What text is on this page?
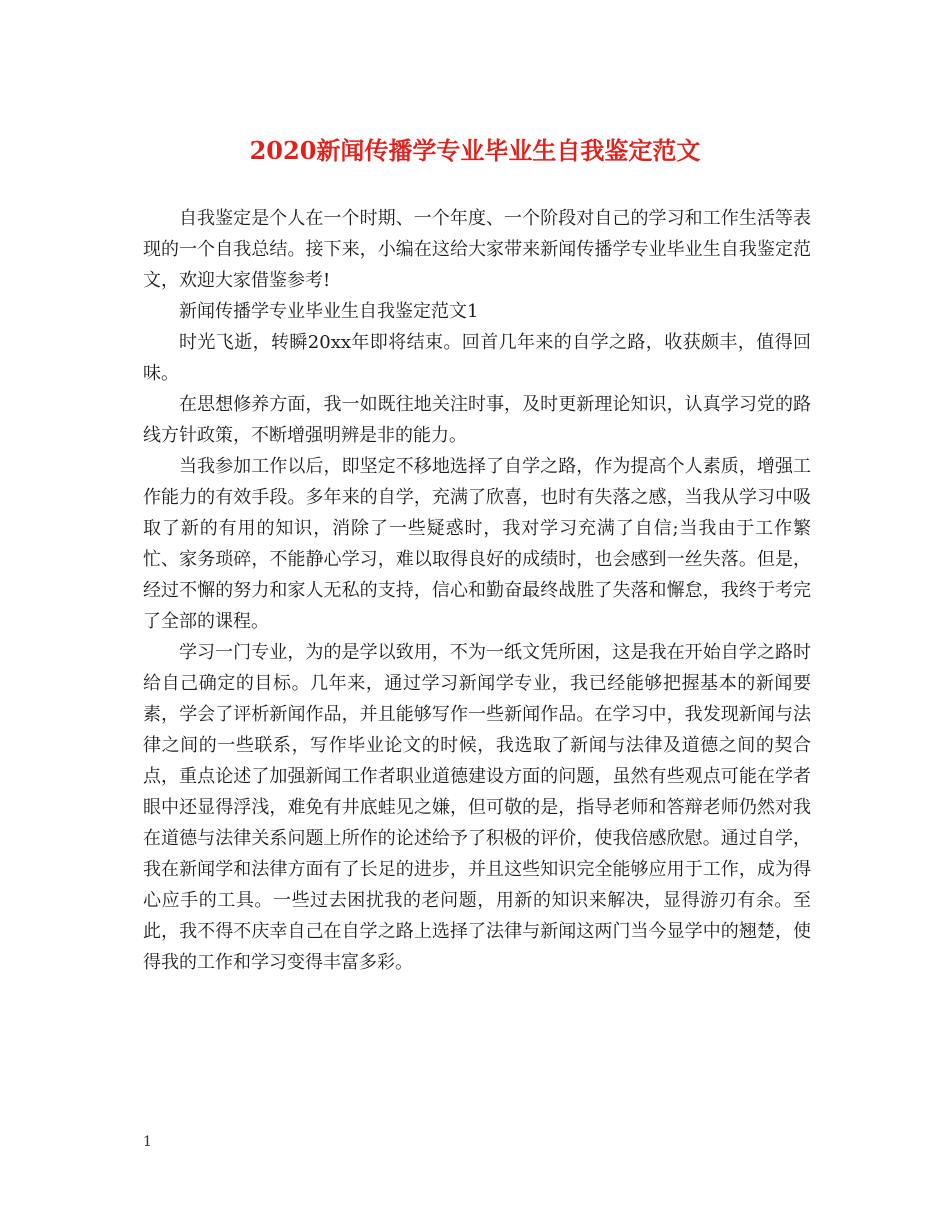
2020新闻传播学专业毕业生自我鉴定范文

自我鉴定是个人在一个时期、一个年度、一个阶段对自己的学习和工作生活等表现的一个自我总结。接下来，小编在这给大家带来新闻传播学专业毕业生自我鉴定范文，欢迎大家借鉴参考!

新闻传播学专业毕业生自我鉴定范文1

时光飞逝，转瞬20xx年即将结束。回首几年来的自学之路，收获颇丰，值得回味。

在思想修养方面，我一如既往地关注时事，及时更新理论知识，认真学习党的路线方针政策，不断增强明辨是非的能力。

当我参加工作以后，即坚定不移地选择了自学之路，作为提高个人素质，增强工作能力的有效手段。多年来的自学，充满了欣喜，也时有失落之感，当我从学习中吸取了新的有用的知识，消除了一些疑惑时，我对学习充满了自信;当我由于工作繁忙、家务琐碎，不能静心学习，难以取得良好的成绩时，也会感到一丝失落。但是，经过不懈的努力和家人无私的支持，信心和勤奋最终战胜了失落和懈怠，我终于考完了全部的课程。

学习一门专业，为的是学以致用，不为一纸文凭所困，这是我在开始自学之路时给自己确定的目标。几年来，通过学习新闻学专业，我已经能够把握基本的新闻要素，学会了评析新闻作品，并且能够写作一些新闻作品。在学习中，我发现新闻与法律之间的一些联系，写作毕业论文的时候，我选取了新闻与法律及道德之间的契合点，重点论述了加强新闻工作者职业道德建设方面的问题，虽然有些观点可能在学者眼中还显得浮浅，难免有井底蛙见之嫌，但可敬的是，指导老师和答辩老师仍然对我在道德与法律关系问题上所作的论述给予了积极的评价，使我倍感欣慰。通过自学，我在新闻学和法律方面有了长足的进步，并且这些知识完全能够应用于工作，成为得心应手的工具。一些过去困扰我的老问题，用新的知识来解决，显得游刃有余。至此，我不得不庆幸自己在自学之路上选择了法律与新闻这两门当今显学中的翘楚，使得我的工作和学习变得丰富多彩。

1
